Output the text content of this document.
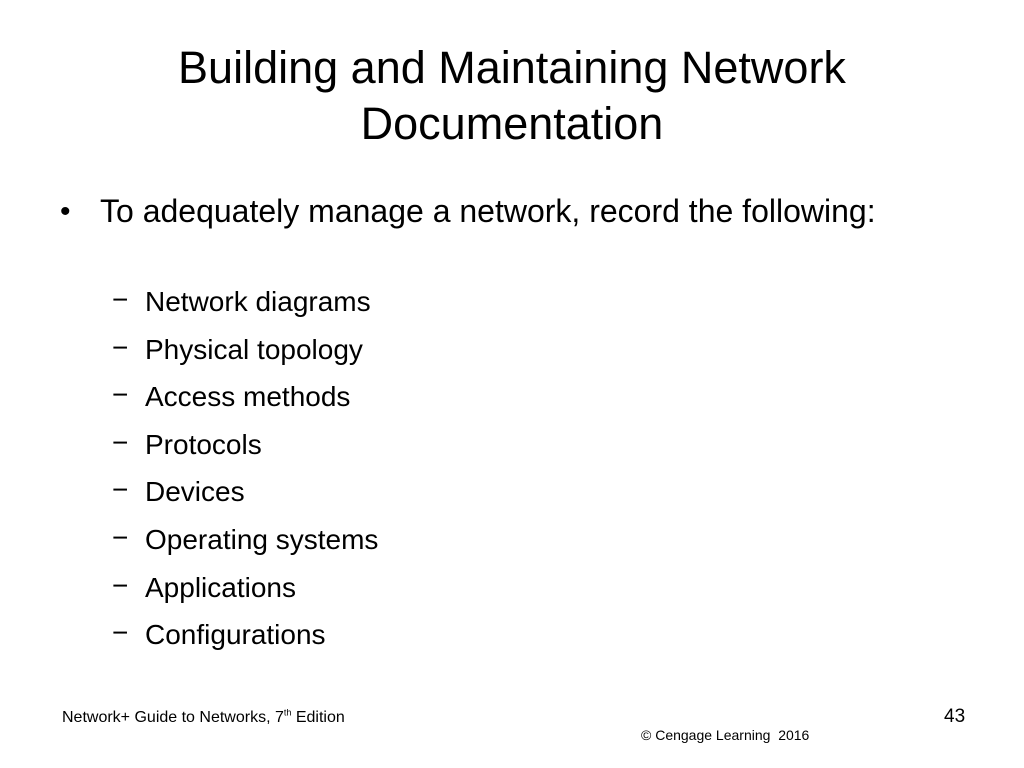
Building and Maintaining Network
Documentation
• To adequately manage a network, record the following:
− Network diagrams
− Physical topology
− Access methods
− Protocols
− Devices
− Operating systems
− Applications
− Configurations
Network+ Guide to Networks, 7th Edition	43
© Cengage Learning  2016
